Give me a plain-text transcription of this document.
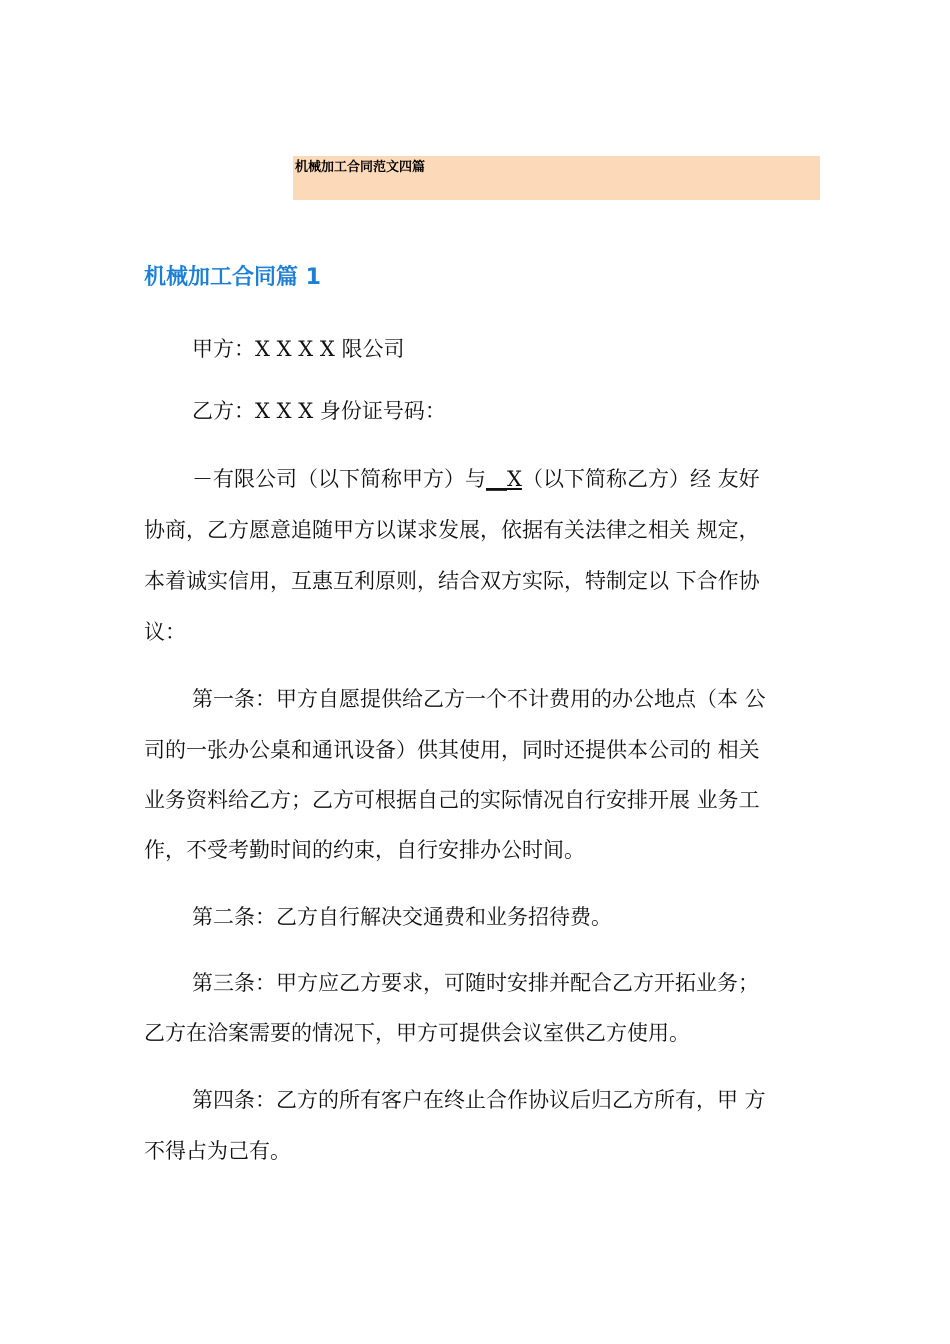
机械加工合同范文四篇
机械加工合同篇 1
甲方：X X X X 限公司
乙方：X X X 身份证号码：
－有限公司（以下简称甲方）与__X（以下简称乙方）经 友好
协商，乙方愿意追随甲方以谋求发展，依据有关法律之相关 规定，
本着诚实信用，互惠互利原则，结合双方实际，特制定以 下合作协
议：
第一条：甲方自愿提供给乙方一个不计费用的办公地点（本 公
司的一张办公桌和通讯设备）供其使用，同时还提供本公司的 相关
业务资料给乙方；乙方可根据自己的实际情况自行安排开展 业务工
作，不受考勤时间的约束，自行安排办公时间。
第二条：乙方自行解决交通费和业务招待费。
第三条：甲方应乙方要求，可随时安排并配合乙方开拓业务；
乙方在洽案需要的情况下，甲方可提供会议室供乙方使用。
第四条：乙方的所有客户在终止合作协议后归乙方所有，甲 方
不得占为己有。
